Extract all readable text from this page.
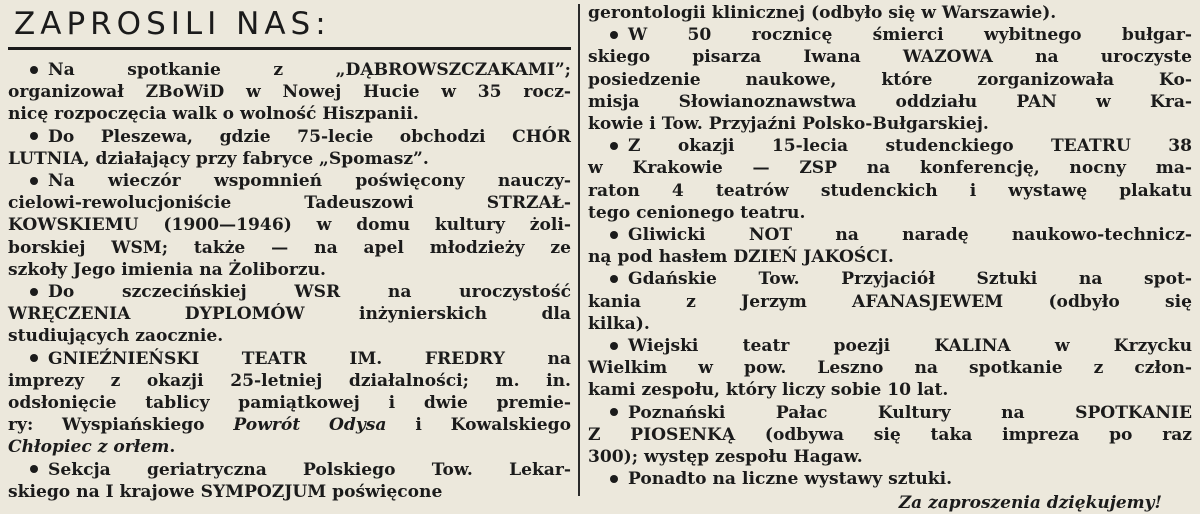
ZAPROSILI NAS:

Na spotkanie z „DĄBROWSZCZAKAMI”;
organizował ZBoWiD w Nowej Hucie w 35 rocz-
nicę rozpoczęcia walk o wolność Hiszpanii.

Do Pleszewa, gdzie 75-lecie obchodzi CHÓR
LUTNIA, działający przy fabryce „Spomasz”.

Na wieczór wspomnień poświęcony nauczy-
cielowi-rewolucjoniście Tadeuszowi STRZAŁ-
KOWSKIEMU (1900—1946) w domu kultury żoli-
borskiej WSM; także — na apel młodzieży ze
szkoły Jego imienia na Żoliborzu.

Do szczecińskiej WSR na uroczystość
WRĘCZENIA DYPLOMÓW inżynierskich dla
studiujących zaocznie.

GNIEŹNIEŃSKI TEATR IM. FREDRY na
imprezy z okazji 25-letniej działalności; m. in.
odsłonięcie tablicy pamiątkowej i dwie premie-
ry: Wyspiańskiego Powrót Odysa i Kowalskiego
Chłopiec z orłem.

Sekcja geriatryczna Polskiego Tow. Lekar-
skiego na I krajowe SYMPOZJUM poświęcone

gerontologii klinicznej (odbyło się w Warszawie).

W 50 rocznicę śmierci wybitnego bułgar-
skiego pisarza Iwana WAZOWA na uroczyste
posiedzenie naukowe, które zorganizowała Ko-
misja Słowianoznawstwa oddziału PAN w Kra-
kowie i Tow. Przyjaźni Polsko-Bułgarskiej.

Z okazji 15-lecia studenckiego TEATRU 38
w Krakowie — ZSP na konferencję, nocny ma-
raton 4 teatrów studenckich i wystawę plakatu
tego cenionego teatru.

Gliwicki NOT na naradę naukowo-technicz-
ną pod hasłem DZIEŃ JAKOŚCI.

Gdańskie Tow. Przyjaciół Sztuki na spot-
kania z Jerzym AFANASJEWEM (odbyło się
kilka).

Wiejski teatr poezji KALINA w Krzycku
Wielkim w pow. Leszno na spotkanie z człon-
kami zespołu, który liczy sobie 10 lat.

Poznański Pałac Kultury na SPOTKANIE
Z PIOSENKĄ (odbywa się taka impreza po raz
300); występ zespołu Hagaw.

Ponadto na liczne wystawy sztuki.

Za zaproszenia dziękujemy!
